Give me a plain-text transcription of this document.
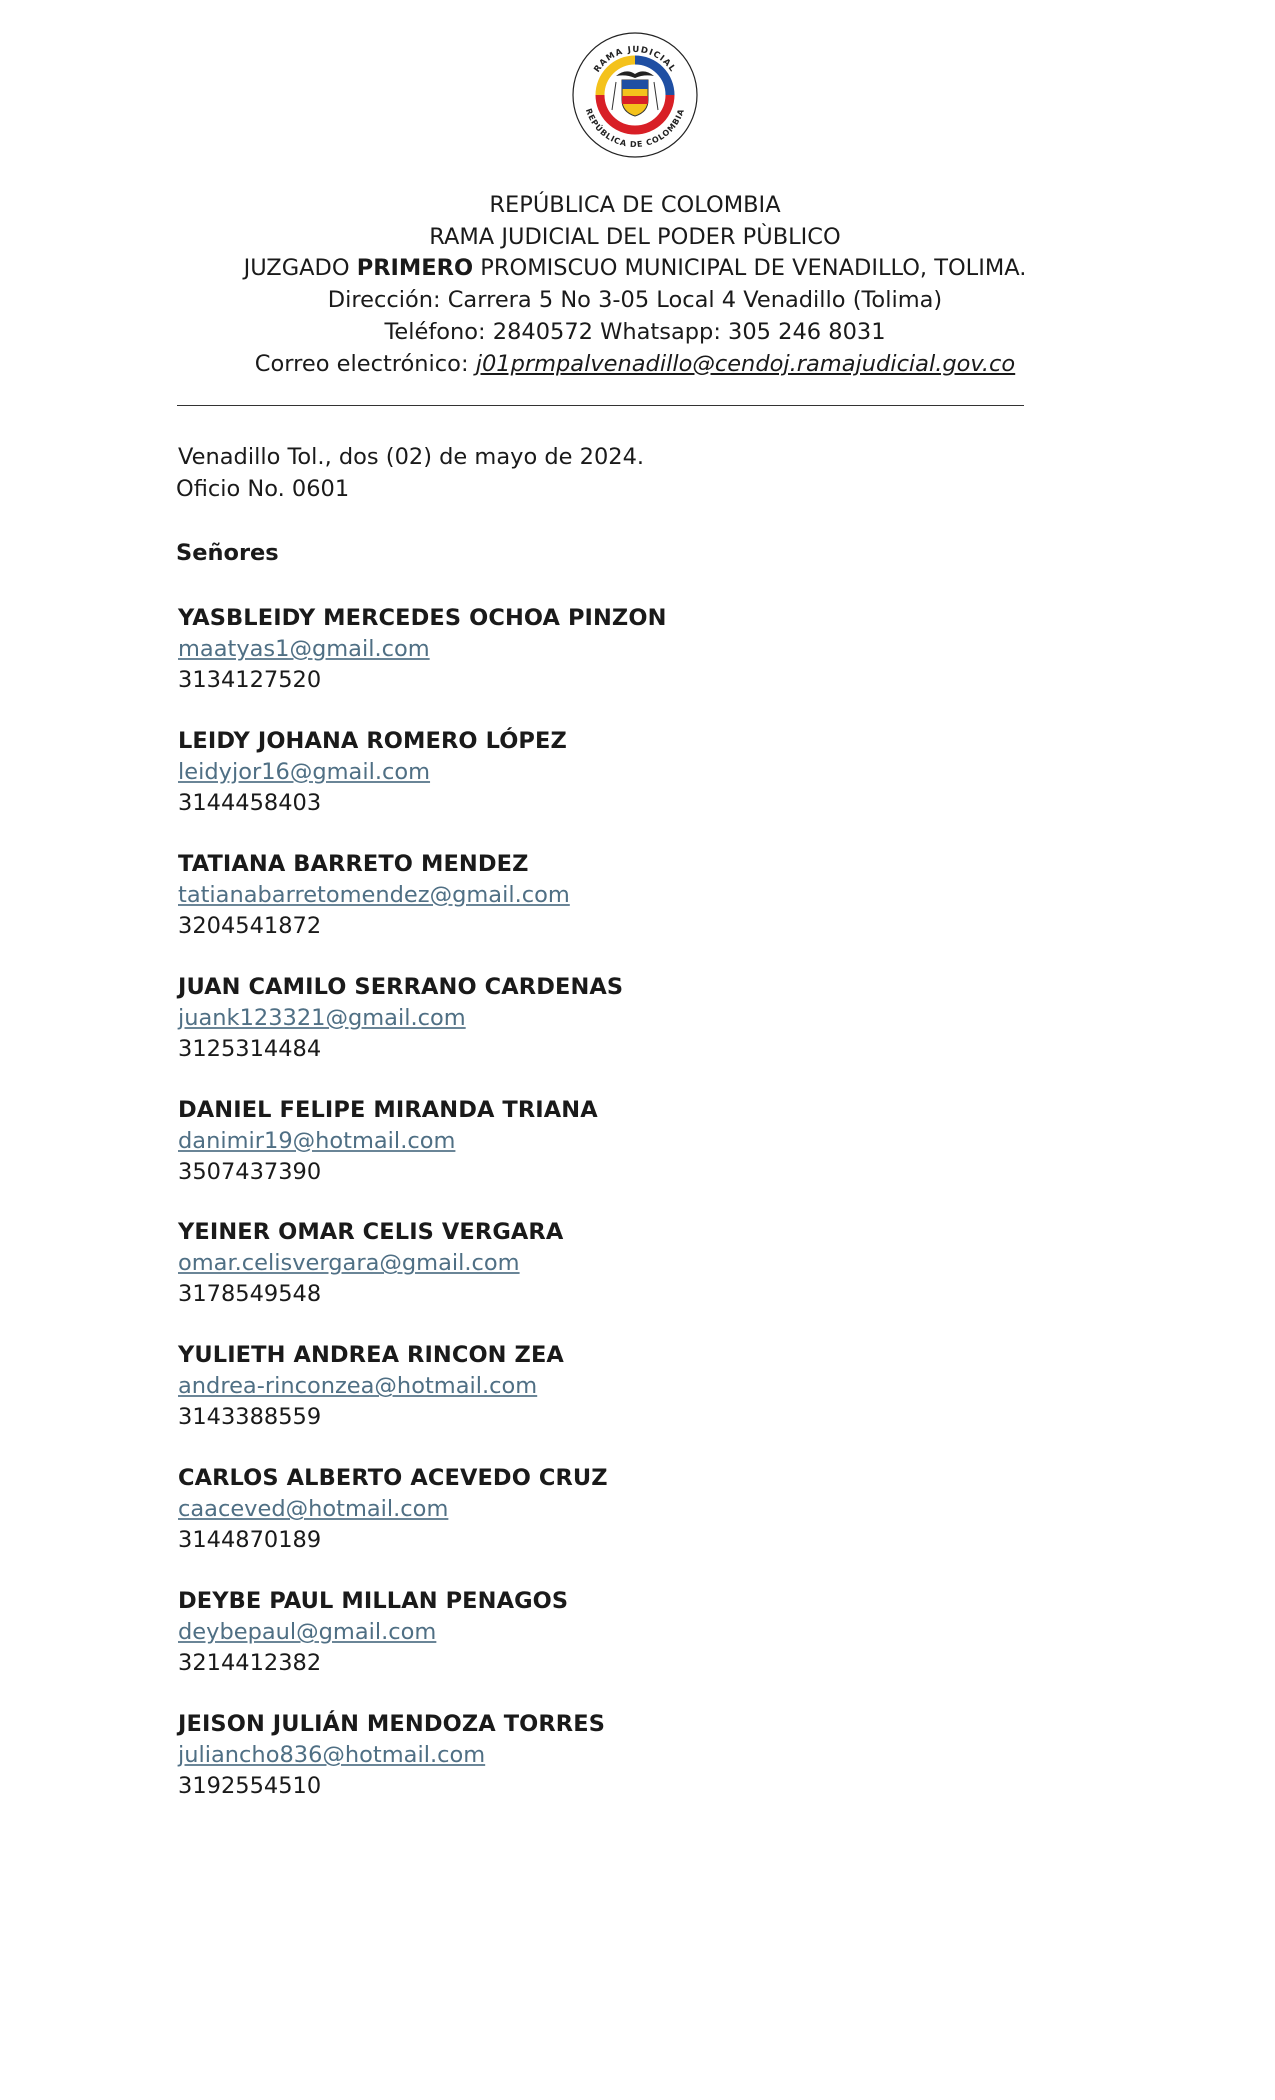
RAMA JUDICIAL
REPÚBLICA DE COLOMBIA
REPÚBLICA DE COLOMBIA
RAMA JUDICIAL DEL PODER PÙBLICO
JUZGADO PRIMERO PROMISCUO MUNICIPAL DE VENADILLO, TOLIMA.
Dirección: Carrera 5 No 3-05 Local 4 Venadillo (Tolima)
Teléfono: 2840572 Whatsapp: 305 246 8031
Correo electrónico: j01prmpalvenadillo@cendoj.ramajudicial.gov.co
Venadillo Tol., dos (02) de mayo de 2024.
Oficio No. 0601
Señores
YASBLEIDY MERCEDES OCHOA PINZON
maatyas1@gmail.com
3134127520
LEIDY JOHANA ROMERO LÓPEZ
leidyjor16@gmail.com
3144458403
TATIANA BARRETO MENDEZ
tatianabarretomendez@gmail.com
3204541872
JUAN CAMILO SERRANO CARDENAS
juank123321@gmail.com
3125314484
DANIEL FELIPE MIRANDA TRIANA
danimir19@hotmail.com
3507437390
YEINER OMAR CELIS VERGARA
omar.celisvergara@gmail.com
3178549548
YULIETH ANDREA RINCON ZEA
andrea-rinconzea@hotmail.com
3143388559
CARLOS ALBERTO ACEVEDO CRUZ
caaceved@hotmail.com
3144870189
DEYBE PAUL MILLAN PENAGOS
deybepaul@gmail.com
3214412382
JEISON JULIÁN MENDOZA TORRES
juliancho836@hotmail.com
3192554510
